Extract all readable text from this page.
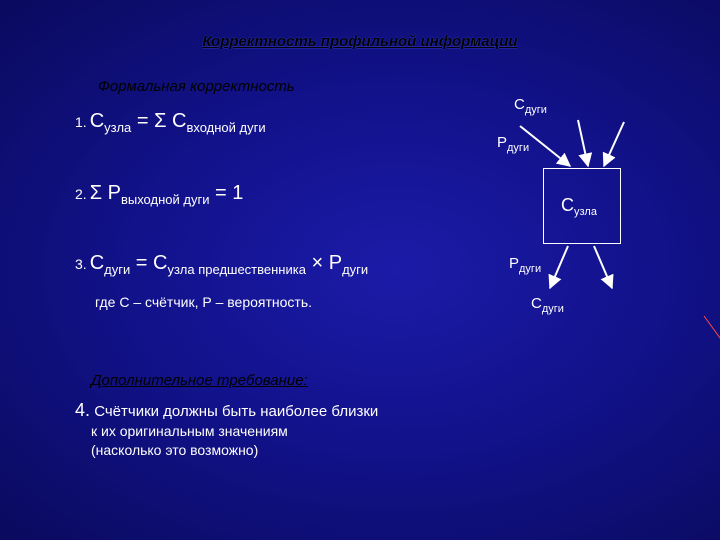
Корректность профильной информации
Формальная корректность
1. $C_{узла} = \Sigma$ $C_{входной дуги}$
2. Σ $P_{выходной дуги} = 1$
3. $C_{дуги} = C_{узла предшественника} \times P_{дуги}$
где С – счётчик, Р – вероятность.
Дополнительное требование:
4. Счётчики должны быть наиболее близки
к их оригинальным значениям
(насколько это возможно)
$C_{дуги}$
$P_{дуги}$
$C_{узла}$
$P_{дуги}$
$C_{дуги}$
